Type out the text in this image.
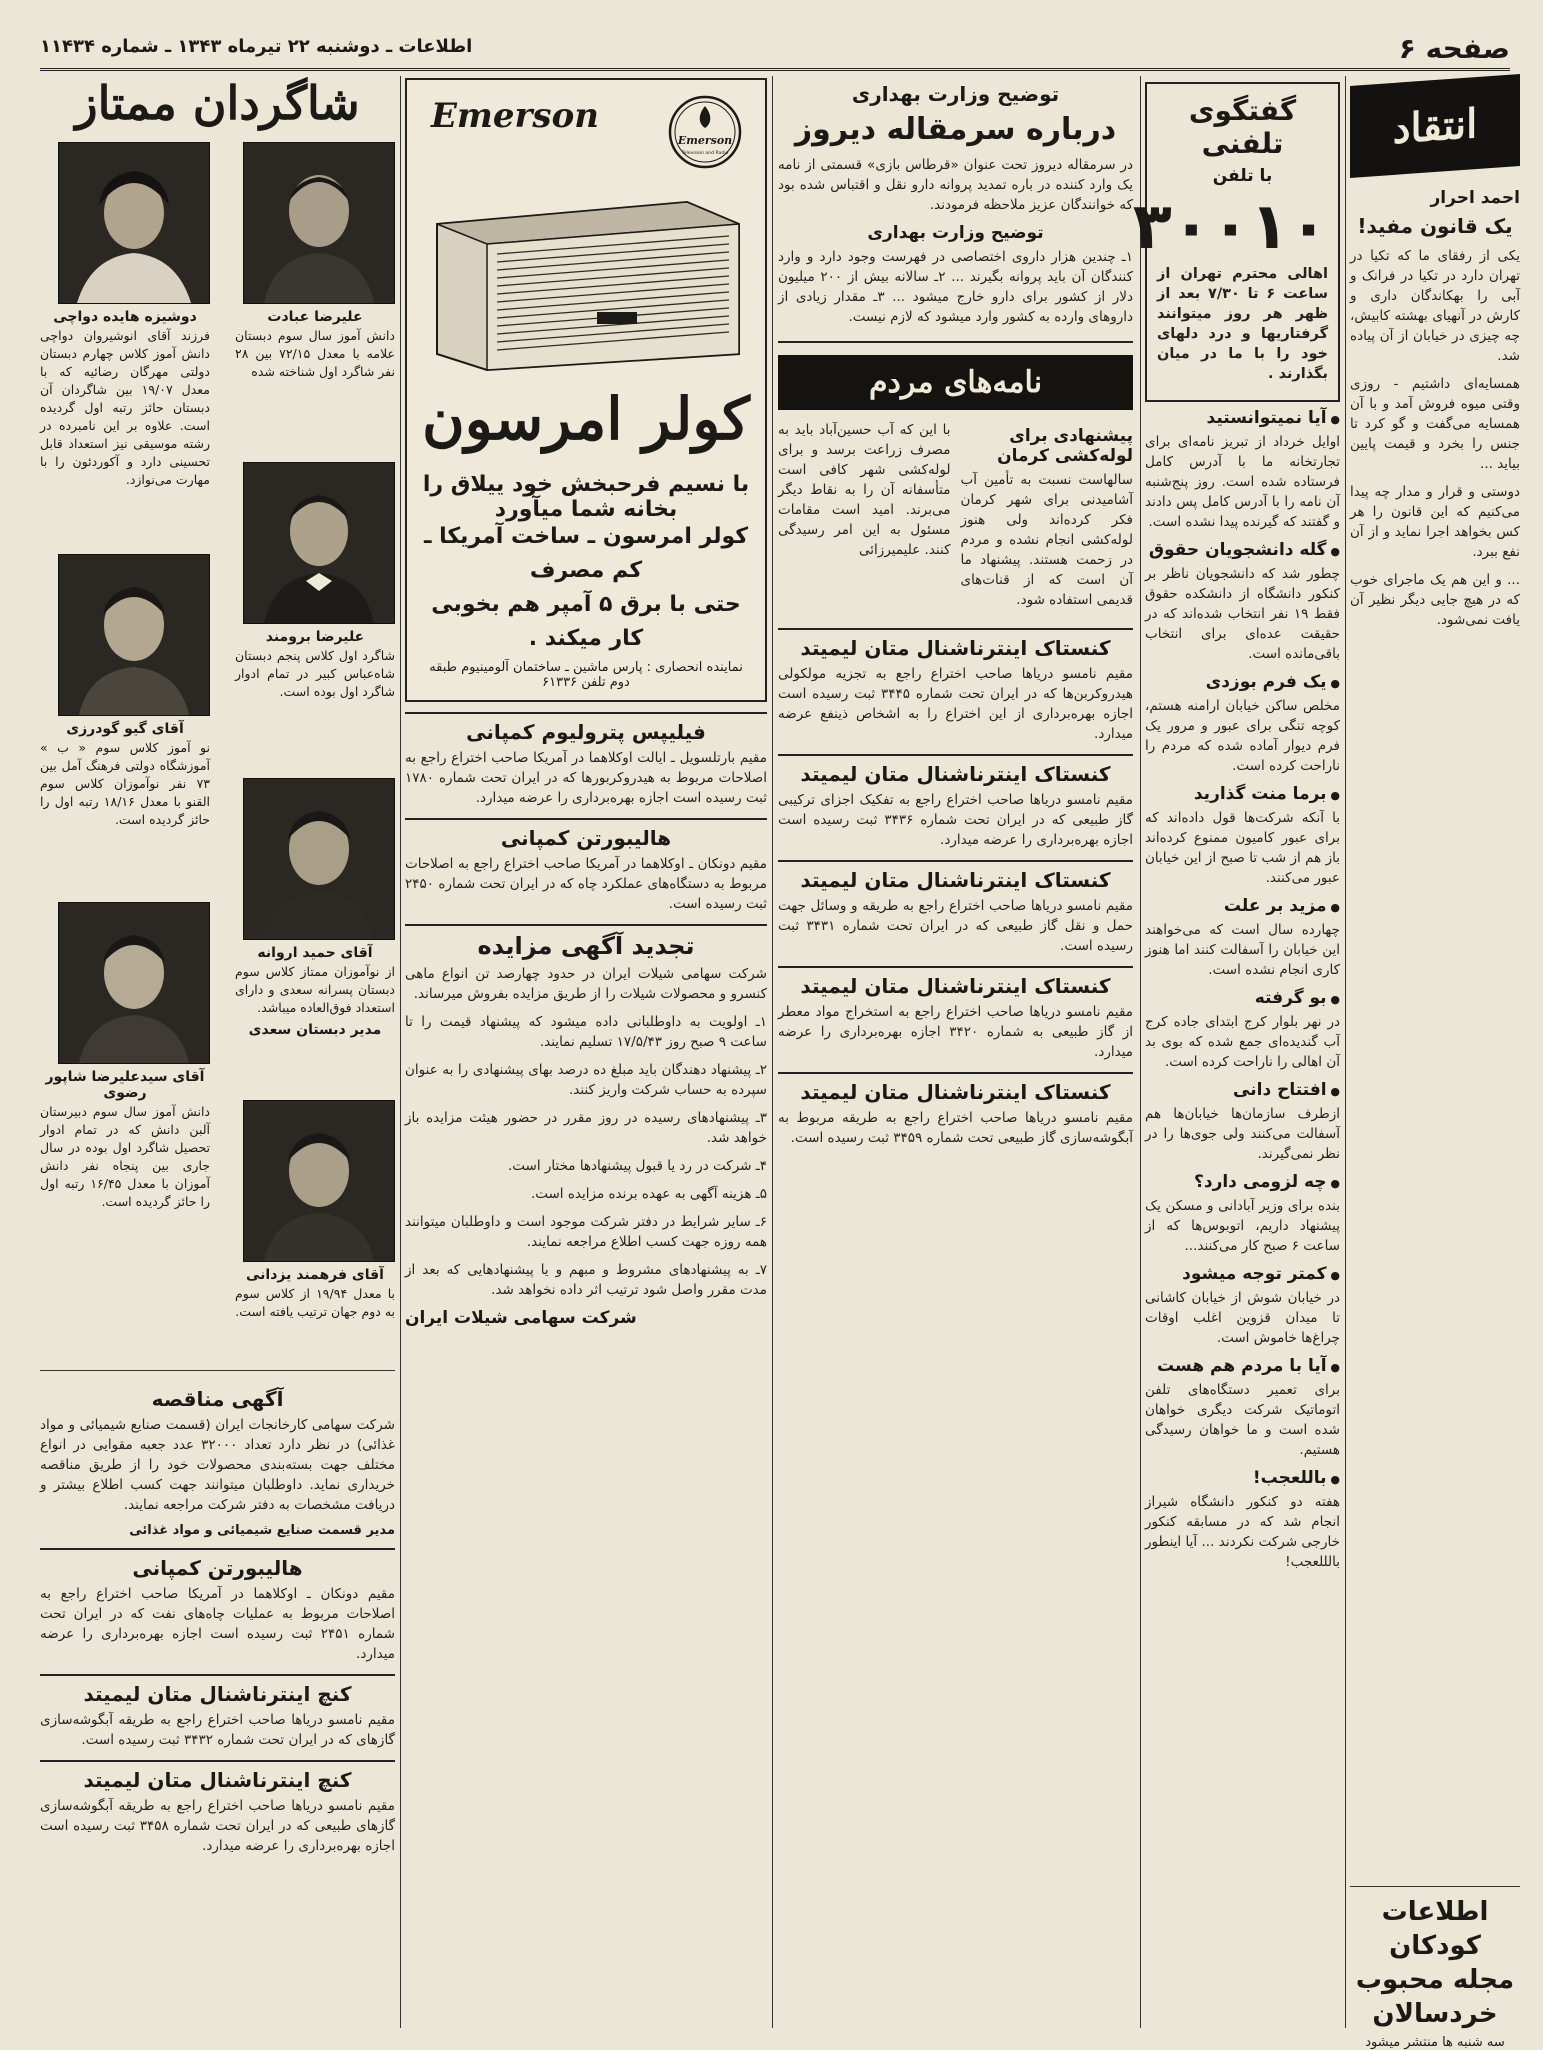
صفحه ۶
اطلاعات ـ دوشنبه ۲۲ تیرماه ۱۳۴۳ ـ شماره ۱۱۴۳۴
انتقاد
احمد احرار
یک قانون مفید!

یکی از رفقای ما که تکیا در تهران دارد در تکیا در فرانک و آبی را بهکاندگان داری و کارش در آنهیای بهشته کابیش، چه چیزی در خیابان از آن پیاده شد.

همسایه‌ای داشتیم - روزی وقتی میوه فروش آمد و با آن همسایه می‌گفت و گو کرد تا جنس را بخرد و قیمت پایین بیاید ...

دوستی و قرار و مدار چه پیدا می‌کنیم که این قانون را هر کس بخواهد اجرا نماید و از آن نفع ببرد.

... و این هم یک ماجرای خوب که در هیچ جایی دیگر نظیر آن یافت نمی‌شود.

اطلاعات کودکان
مجله محبوب
خردسالان
سه شنبه ها منتشر میشود
گفتگوی تلفنی
با تلفن
۳۰۰۱۰

اهالی محترم تهران از ساعت ۶ تا ۷/۳۰ بعد از ظهر هر روز میتوانند گرفتاریها و درد دلهای خود را با ما در میان بگذارند .

● آیا نمیتوانستید

اوایل خرداد از تبریز نامه‌ای برای تجارتخانه ما با آدرس کامل فرستاده شده است. روز پنج‌شنبه آن نامه را با آدرس کامل پس دادند و گفتند که گیرنده پیدا نشده است.

● گله دانشجویان حقوق

چطور شد که دانشجویان ناظر بر کنکور دانشگاه از دانشکده حقوق فقط ۱۹ نفر انتخاب شده‌اند که در حقیقت عده‌ای برای انتخاب باقی‌مانده است.

● یک فرم بوزدی

مخلص ساکن خیابان ارامنه هستم، کوچه تنگی برای عبور و مرور یک فرم دیوار آماده شده که مردم را ناراحت کرده است.

● برما منت گذارید

با آنکه شرکت‌ها قول داده‌اند که برای عبور کامیون ممنوع کرده‌اند باز هم از شب تا صبح از این خیابان عبور می‌کنند.

● مزید بر علت

چهارده سال است که می‌خواهند این خیابان را آسفالت کنند اما هنوز کاری انجام نشده است.

● بو گرفته

در نهر بلوار کرج ابتدای جاده کرج آب گندیده‌ای جمع شده که بوی بد آن اهالی را ناراحت کرده است.

● افتتاح دانی

ازطرف سازمان‌ها خیابان‌ها هم آسفالت می‌کنند ولی جوی‌ها را در نظر نمی‌گیرند.

● چه لزومی دارد؟

بنده برای وزیر آبادانی و مسکن یک پیشنهاد داریم، اتوبوس‌ها که از ساعت ۶ صبح کار می‌کنند...

● کمتر توجه میشود

در خیابان شوش از خیابان کاشانی تا میدان قزوین اغلب اوقات چراغ‌ها خاموش است.

● آیا با مردم هم هست

برای تعمیر دستگاه‌های تلفن اتوماتیک شرکت دیگری خواهان شده است و ما خواهان رسیدگی هستیم.

● باللعجب!

هفته دو کنکور دانشگاه شیراز انجام شد که در مسابقه کنکور خارجی شرکت نکردند ... آیا اینطور بالللعجب!

توضیح وزارت بهداری
درباره سرمقاله دیروز

در سرمقاله دیروز تحت عنوان «قرطاس بازی» قسمتی از نامه یک وارد کننده در باره تمدید پروانه دارو نقل و اقتباس شده بود که خوانندگان عزیز ملاحظه فرمودند.

توضیح وزارت بهداری

۱ـ چندین هزار داروی اختصاصی در فهرست وجود دارد و وارد کنندگان آن باید پروانه بگیرند ... ۲ـ سالانه بیش از ۲۰۰ میلیون دلار از کشور برای دارو خارج میشود ... ۳ـ مقدار زیادی از داروهای وارده به کشور وارد میشود که لازم نیست.

نامه‌های مردم
پیشنهادی برای لوله‌کشی کرمان

سالهاست نسبت به تأمین آب آشامیدنی برای شهر کرمان فکر کرده‌اند ولی هنوز لوله‌کشی انجام نشده و مردم در زحمت هستند. پیشنهاد ما آن است که از قنات‌های قدیمی استفاده شود.

با این که آب حسین‌آباد باید به مصرف زراعت برسد و برای لوله‌کشی شهر کافی است متأسفانه آن را به نقاط دیگر می‌برند. امید است مقامات مسئول به این امر رسیدگی کنند. علیمیرزائی

کنستاک اینترناشنال متان لیمیتد

مقیم نامسو دریاها صاحب اختراع راجع به تجزیه مولکولی هیدروکربن‌ها که در ایران تحت شماره ۳۴۴۵ ثبت رسیده است اجازه بهره‌برداری از این اختراع را به اشخاص ذینفع عرضه میدارد.

کنستاک اینترناشنال متان لیمیتد

مقیم نامسو دریاها صاحب اختراع راجع به تفکیک اجزای ترکیبی گاز طبیعی که در ایران تحت شماره ۳۴۳۶ ثبت رسیده است اجازه بهره‌برداری را عرضه میدارد.

کنستاک اینترناشنال متان لیمیتد

مقیم نامسو دریاها صاحب اختراع راجع به طریقه و وسائل جهت حمل و نقل گاز طبیعی که در ایران تحت شماره ۳۴۳۱ ثبت رسیده است.

کنستاک اینترناشنال متان لیمیتد

مقیم نامسو دریاها صاحب اختراع راجع به استخراج مواد معطر از گاز طبیعی به شماره ۳۴۲۰ اجازه بهره‌برداری را عرضه میدارد.

کنستاک اینترناشنال متان لیمیتد

مقیم نامسو دریاها صاحب اختراع راجع به طریقه مربوط به آبگوشه‌سازی گاز طبیعی تحت شماره ۳۴۵۹ ثبت رسیده است.

Emerson
Emerson
Television and Radio
کولر امرسون
با نسیم فرحبخش خود ییلاق را بخانه شما میآورد
کولر امرسون ـ ساخت آمریکا ـ کم مصرف
حتی با برق ۵ آمپر هم بخوبی کار میکند .
نماینده انحصاری : پارس ماشین ـ ساختمان آلومینیوم طبقه دوم تلفن ۶۱۳۳۶
فیلیپس پترولیوم کمپانی

مقیم بارتلسویل ـ ایالت اوکلاهما در آمریکا صاحب اختراع راجع به اصلاحات مربوط به هیدروکربورها که در ایران تحت شماره ۱۷۸۰ ثبت رسیده است اجازه بهره‌برداری را عرضه میدارد.

هالیبورتن کمپانی

مقیم دونکان ـ اوکلاهما در آمریکا صاحب اختراع راجع به اصلاحات مربوط به دستگاه‌های عملکرد چاه که در ایران تحت شماره ۲۴۵۰ ثبت رسیده است.

تجدید آگهی مزایده

شرکت سهامی شیلات ایران در حدود چهارصد تن انواع ماهی کنسرو و محصولات شیلات را از طریق مزایده بفروش میرساند.

۱ـ اولویت به داوطلبانی داده میشود که پیشنهاد قیمت را تا ساعت ۹ صبح روز ۱۷/۵/۴۳ تسلیم نمایند.

۲ـ پیشنهاد دهندگان باید مبلغ ده درصد بهای پیشنهادی را به عنوان سپرده به حساب شرکت واریز کنند.

۳ـ پیشنهادهای رسیده در روز مقرر در حضور هیئت مزایده باز خواهد شد.

۴ـ شرکت در رد یا قبول پیشنهادها مختار است.

۵ـ هزینه آگهی به عهده برنده مزایده است.

۶ـ سایر شرایط در دفتر شرکت موجود است و داوطلبان میتوانند همه روزه جهت کسب اطلاع مراجعه نمایند.

۷ـ به پیشنهادهای مشروط و مبهم و یا پیشنهادهایی که بعد از مدت مقرر واصل شود ترتیب اثر داده نخواهد شد.

شرکت سهامی شیلات ایران
شاگردان ممتاز
علیرضا عبادت
دانش آموز سال سوم دبستان علامه با معدل ۷۲/۱۵ بین ۲۸ نفر شاگرد اول شناخته شده
دوشیزه هایده دواچی
فرزند آقای انوشیروان دواچی دانش آموز کلاس چهارم دبستان دولتی مهرگان رضائیه که با معدل ۱۹/۰۷ بین شاگردان آن دبستان حائز رتبه اول گردیده است. علاوه بر این نامبرده در رشته موسیقی نیز استعداد قابل تحسینی دارد و آکوردئون را با مهارت می‌نوازد.
علیرضا برومند
شاگرد اول کلاس پنجم دبستان شاه‌عباس کبیر در تمام ادوار شاگرد اول بوده است.
آقای گیو گودرزی
نو آموز کلاس سوم « ب » آموزشگاه دولتی فرهنگ آمل بین ۷۳ نفر نوآموزان کلاس سوم القنو با معدل ۱۸/۱۶ رتبه اول را حائز گردیده است.
آقای حمید اروانه
از نوآموزان ممتاز کلاس سوم دبستان پسرانه سعدی و دارای استعداد فوق‌العاده میباشد.
مدیر دبستان سعدی
آقای سیدعلیرضا شاپور رضوی
دانش آموز سال سوم دبیرستان آلبن دانش که در تمام ادوار تحصیل شاگرد اول بوده در سال جاری بین پنجاه نفر دانش آموزان با معدل ۱۶/۴۵ رتبه اول را حائز گردیده است.
آقای فرهمند یزدانی
با معدل ۱۹/۹۴ از کلاس سوم به دوم جهان ترتیب یافته است.
آگهی مناقصه

شرکت سهامی کارخانجات ایران (قسمت صنایع شیمیائی و مواد غذائی) در نظر دارد تعداد ۳۲۰۰۰ عدد جعبه مقوایی در انواع مختلف جهت بسته‌بندی محصولات خود را از طریق مناقصه خریداری نماید. داوطلبان میتوانند جهت کسب اطلاع بیشتر و دریافت مشخصات به دفتر شرکت مراجعه نمایند.

مدیر قسمت صنایع شیمیائی و مواد غذائی
هالیبورتن کمپانی

مقیم دونکان ـ اوکلاهما در آمریکا صاحب اختراع راجع به اصلاحات مربوط به عملیات چاه‌های نفت که در ایران تحت شماره ۲۴۵۱ ثبت رسیده است اجازه بهره‌برداری را عرضه میدارد.

کنچ اینترناشنال متان لیمیتد

مقیم نامسو دریاها صاحب اختراع راجع به طریقه آبگوشه‌سازی گازهای که در ایران تحت شماره ۳۴۳۲ ثبت رسیده است.

کنچ اینترناشنال متان لیمیتد

مقیم نامسو دریاها صاحب اختراع راجع به طریقه آبگوشه‌سازی گازهای طبیعی که در ایران تحت شماره ۳۴۵۸ ثبت رسیده است اجازه بهره‌برداری را عرضه میدارد.
